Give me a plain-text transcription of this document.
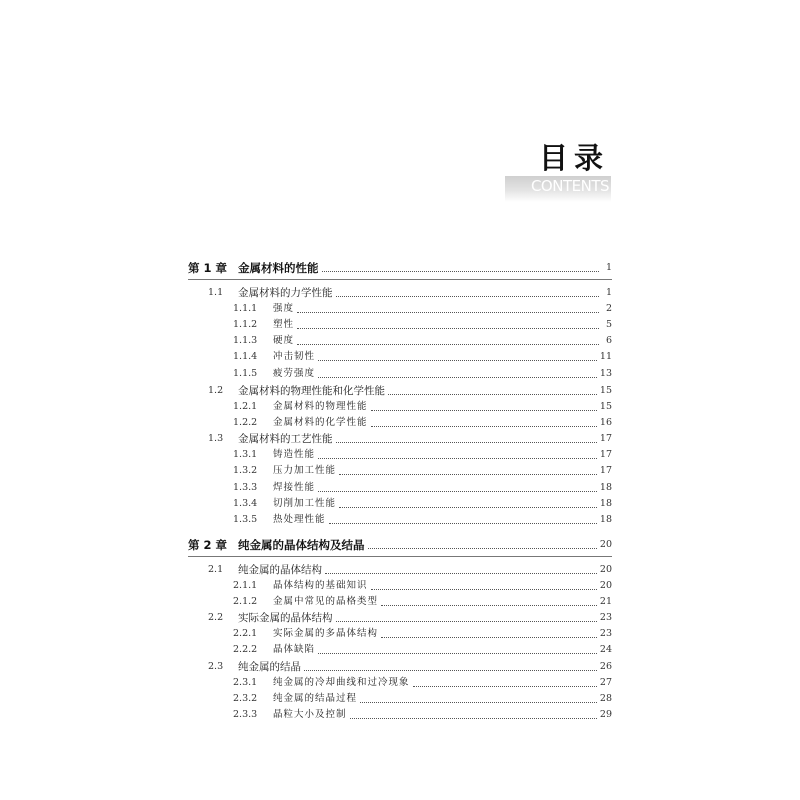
目录
CONTENTS
第 1 章 金属材料的性能	1
1.1	金属材料的力学性能	1
1.1.1	强度	2
1.1.2	塑性	5
1.1.3	硬度	6
1.1.4	冲击韧性	11
1.1.5	疲劳强度	13
1.2	金属材料的物理性能和化学性能	15
1.2.1	金属材料的物理性能	15
1.2.2	金属材料的化学性能	16
1.3	金属材料的工艺性能	17
1.3.1	铸造性能	17
1.3.2	压力加工性能	17
1.3.3	焊接性能	18
1.3.4	切削加工性能	18
1.3.5	热处理性能	18
第 2 章 纯金属的晶体结构及结晶	20
2.1	纯金属的晶体结构	20
2.1.1	晶体结构的基础知识	20
2.1.2	金属中常见的晶格类型	21
2.2	实际金属的晶体结构	23
2.2.1	实际金属的多晶体结构	23
2.2.2	晶体缺陷	24
2.3	纯金属的结晶	26
2.3.1	纯金属的冷却曲线和过冷现象	27
2.3.2	纯金属的结晶过程	28
2.3.3	晶粒大小及控制	29
